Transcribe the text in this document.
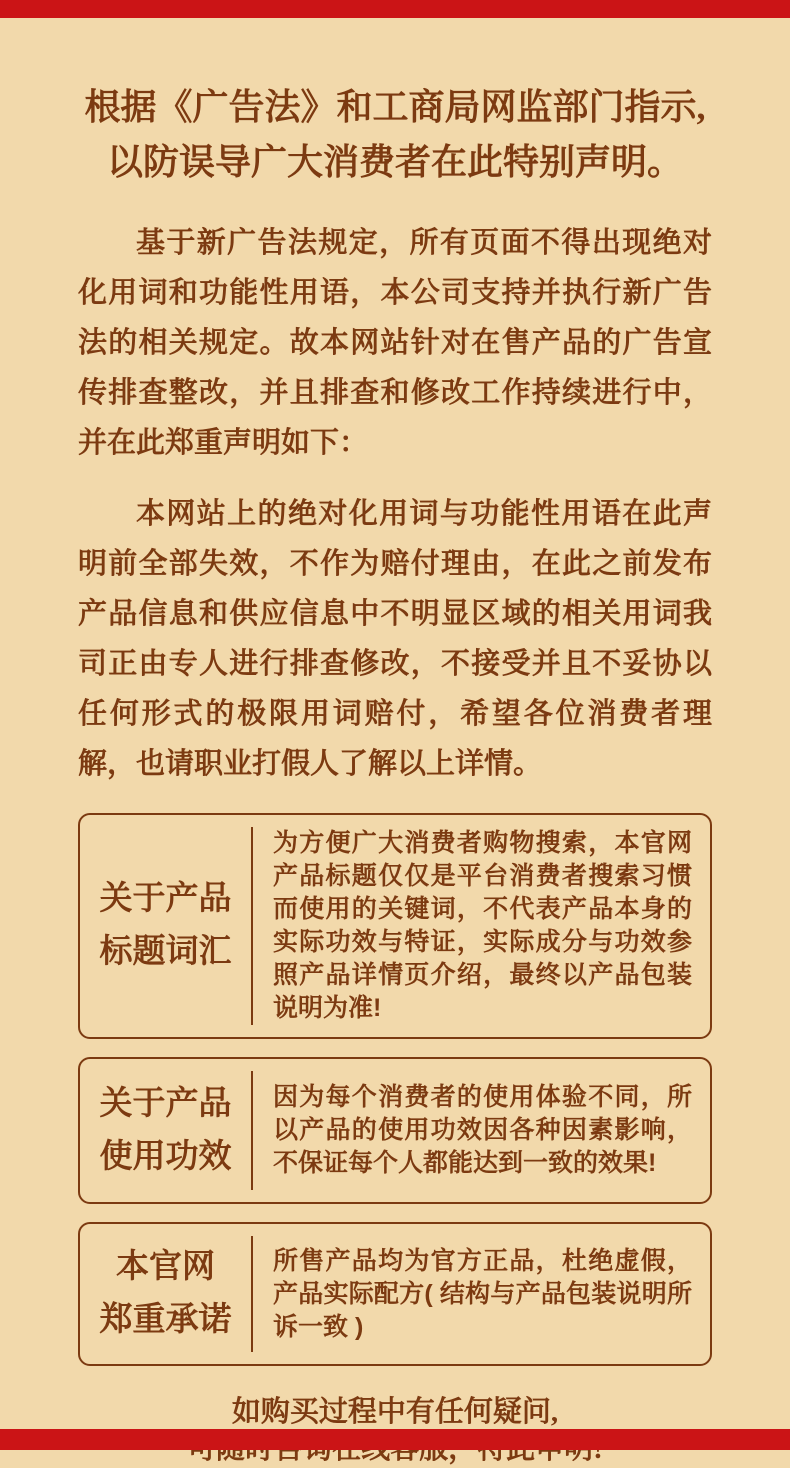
根据《广告法》和工商局网监部门指示,
以防误导广大消费者在此特别声明。

基于新广告法规定，所有页面不得出现绝对化用词和功能性用语，本公司支持并执行新广告法的相关规定。故本网站针对在售产品的广告宣传排查整改，并且排查和修改工作持续进行中，并在此郑重声明如下：

本网站上的绝对化用词与功能性用语在此声明前全部失效，不作为赔付理由，在此之前发布产品信息和供应信息中不明显区域的相关用词我司正由专人进行排查修改，不接受并且不妥协以任何形式的极限用词赔付，希望各位消费者理解，也请职业打假人了解以上详情。

关于产品
标题词汇
为方便广大消费者购物搜索，本官网产品标题仅仅是平台消费者搜索习惯而使用的关键词，不代表产品本身的实际功效与特证，实际成分与功效参照产品详情页介绍，最终以产品包装说明为准!
关于产品
使用功效
因为每个消费者的使用体验不同，所以产品的使用功效因各种因素影响，不保证每个人都能达到一致的效果!
本官网
郑重承诺
所售产品均为官方正品，杜绝虚假，产品实际配方( 结构与产品包装说明所诉一致 )
如购买过程中有任何疑问,
